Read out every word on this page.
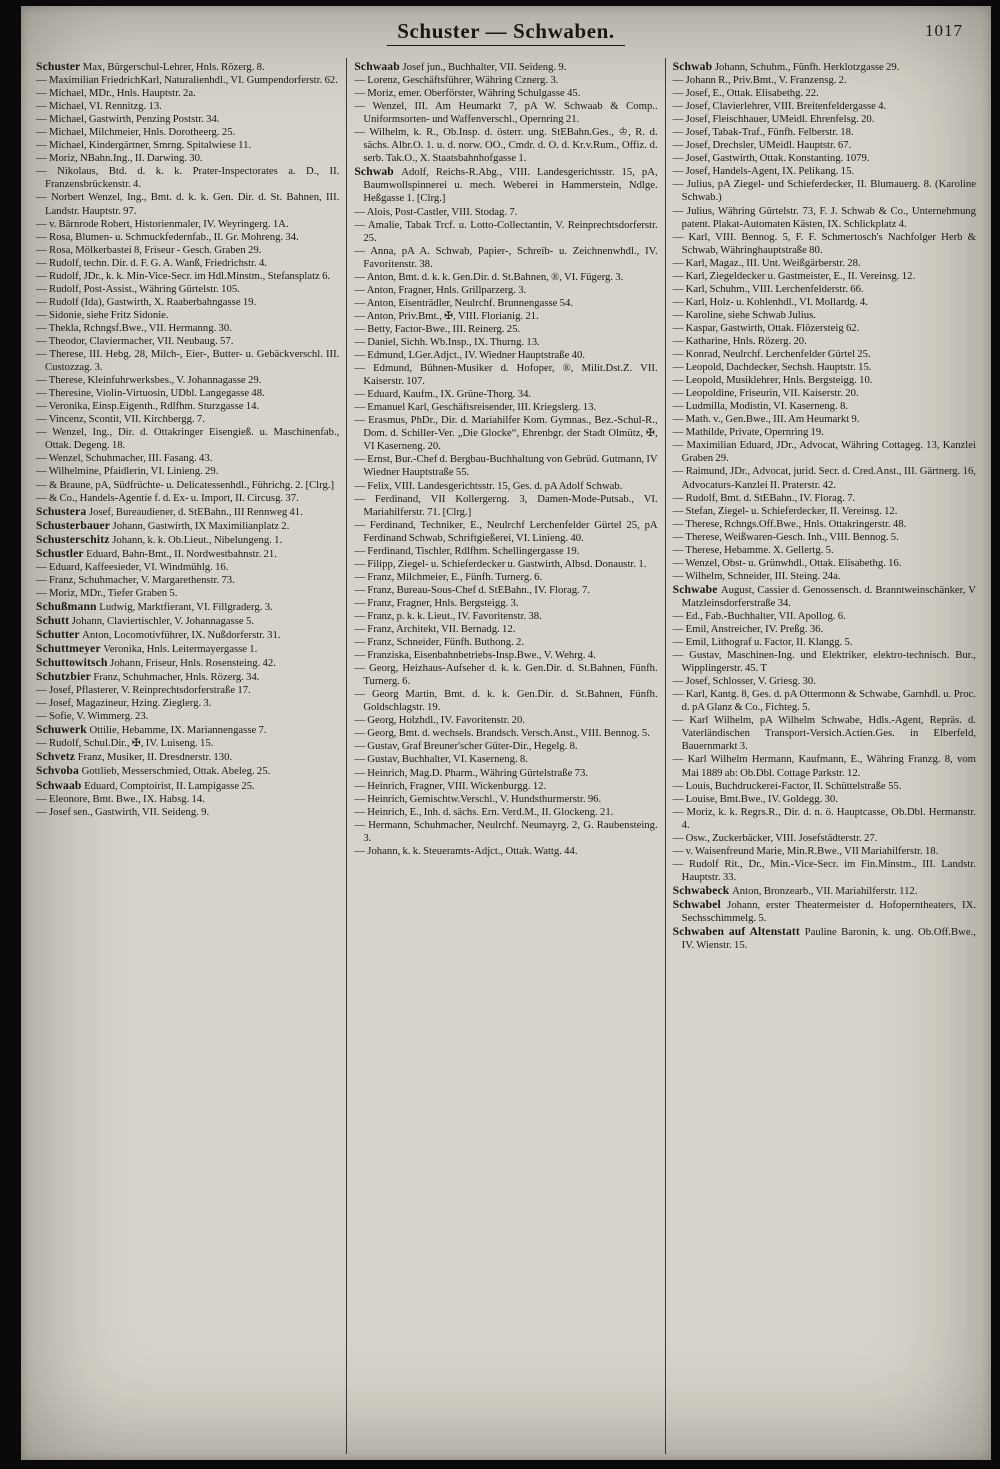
Schuster — Schwaben.	1017
Schuster Max, Bürgerschul-Lehrer, Hnls. Rözerg. 8.
— Maximilian FriedrichKarl, Naturalienhdl., VI. Gumpendorferstr. 62.
— Michael, MDr., Hnls. Hauptstr. 2a.
— Michael, VI. Rennitzg. 13.
— Michael, Gastwirth, Penzing Poststr. 34.
— Michael, Milchmeier, Hnls. Dorotheerg. 25.
— Michael, Kindergärtner, Smrng. Spitalwiese 11.
— Moriz, NBahn.Ing., II. Darwing. 30.
— Nikolaus, Btd. d. k. k. Prater-Inspectorates a. D., II. Franzensbrückenstr. 4.
— Norbert Wenzel, Ing., Bmt. d. k. k. Gen. Dir. d. St. Bahnen, III. Landstr. Hauptstr. 97.
— v. Bärnrode Robert, Historienmaler, IV. Weyringerg. 1A.
— Rosa, Blumen- u. Schmuckfedernfab., II. Gr. Mohreng. 34.
— Rosa, Mölkerbastei 8, Friseur - Gesch. Graben 29.
— Rudolf, techn. Dir. d. F. G. A. Wanß, Friedrichstr. 4.
— Rudolf, JDr., k. k. Min-Vice-Secr. im Hdl.Minstm., Stefansplatz 6.
— Rudolf, Post-Assist., Währing Gürtelstr. 105.
— Rudolf (Ida), Gastwirth, X. Raaberbahngasse 19.
— Sidonie, siehe Fritz Sidonie.
— Thekla, Rchngsf.Bwe., VII. Hermanng. 30.
— Theodor, Claviermacher, VII. Neubaug. 57.
— Therese, III. Hebg. 28, Milch-, Eier-, Butter- u. Gebäckverschl. III. Custozzag. 3.
— Therese, Kleinfuhrwerksbes., V. Johannagasse 29.
— Theresine, Violin-Virtuosin, UDbl. Langegasse 48.
— Veronika, Einsp.Eigenth., Rdlfhm. Sturzgasse 14.
— Vincenz, Scontit, VII. Kirchbergg. 7.
— Wenzel, Ing., Dir. d. Ottakringer Eisengieß. u. Maschinenfab., Ottak. Degeng. 18.
— Wenzel, Schuhmacher, III. Fasang. 43.
— Wilhelmine, Pfaidlerin, VI. Linieng. 29.
— & Braune, pA, Südfrüchte- u. Delicatessenhdl., Führichg. 2. [Clrg.]
— & Co., Handels-Agentie f. d. Ex- u. Import, II. Circusg. 37.
Schustera Josef, Bureaudiener, d. StEBahn., III Rennweg 41.
Schusterbauer Johann, Gastwirth, IX Maximilianplatz 2.
Schusterschitz Johann, k. k. Ob.Lieut., Nibelungeng. 1.
Schustler Eduard, Bahn-Bmt., II. Nordwestbahnstr. 21.
— Eduard, Kaffeesieder, VI. Windmühlg. 16.
— Franz, Schuhmacher, V. Margarethenstr. 73.
— Moriz, MDr., Tiefer Graben 5.
Schußmann Ludwig, Marktfierant, VI. Fillgraderg. 3.
Schutt Johann, Claviertischler, V. Johannagasse 5.
Schutter Anton, Locomotivführer, IX. Nußdorferstr. 31.
Schuttmeyer Veronika, Hnls. Leitermayergasse 1.
Schuttowitsch Johann, Friseur, Hnls. Rosensteing. 42.
Schutzbier Franz, Schuhmacher, Hnls. Rözerg. 34.
— Josef, Pflasterer, V. Reinprechtsdorferstraße 17.
— Josef, Magazineur, Hzing. Zieglerg. 3.
— Sofie, V. Wimmerg. 23.
Schuwerk Ottilie, Hebamme, IX. Mariannengasse 7.
— Rudolf, Schul.Dir., ✠, IV. Luiseng. 15.
Schvetz Franz, Musiker, II. Dresdnerstr. 130.
Schvoba Gottlieb, Messerschmied, Ottak. Abeleg. 25.
Schwaab Eduard, Comptoirist, II. Lampigasse 25.
— Eleonore, Bmt. Bwe., IX. Habsg. 14.
— Josef sen., Gastwirth, VII. Seideng. 9.
Schwaab Josef jun., Buchhalter, VII. Seideng. 9.
— Lorenz, Geschäftsführer, Währing Cznerg. 3.
— Moriz, emer. Oberförster, Währing Schulgasse 45.
— Wenzel, III. Am Heumarkt 7, pA W. Schwaab & Comp.. Uniformsorten- und Waffenverschl., Opernring 21.
— Wilhelm, k. R., Ob.Insp. d. österr. ung. StEBahn.Ges., ♔, R. d. sächs. Albr.O. 1. u. d. norw. OO., Cmdr. d. O. d. Kr.v.Rum., Offiz. d. serb. Tak.O., X. Staatsbahnhofgasse 1.
Schwab Adolf, Reichs-R.Abg., VIII. Landesgerichtsstr. 15, pA, Baumwollspinnerei u. mech. Weberei in Hammerstein, Ndlge. Heßgasse 1. [Clrg.]
— Alois, Post-Castler, VIII. Stodag. 7.
— Amalie, Tabak Trcf. u. Lotto-Collectantin, V. Reinprechtsdorferstr. 25.
— Anna, pA A. Schwab, Papier-, Schreib- u. Zeichnenwhdl., IV. Favoritenstr. 38.
— Anton, Bmt. d. k. k. Gen.Dir. d. St.Bahnen, ®, VI. Fügerg. 3.
— Anton, Fragner, Hnls. Grillparzerg. 3.
— Anton, Eisenträdler, Neulrchf. Brunnengasse 54.
— Anton, Priv.Bmt., ✠, VIII. Florianig. 21.
— Betty, Factor-Bwe., III. Reinerg. 25.
— Daniel, Sichh. Wb.Insp., IX. Thurng. 13.
— Edmund, LGer.Adjct., IV. Wiedner Hauptstraße 40.
— Edmund, Bühnen-Musiker d. Hofoper, ®, Milit.Dst.Z. VII. Kaiserstr. 107.
— Eduard, Kaufm., IX. Grüne-Thorg. 34.
— Emanuel Karl, Geschäftsreisender, III. Kriegslerg. 13.
— Erasmus, PhDr., Dir. d. Mariahilfer Kom. Gymnas., Bez.-Schul-R., Dom. d. Schiller-Ver. „Die Glocke“, Ehrenbgr. der Stadt Olmütz, ✠, VI Kaserneng. 20.
— Ernst, Bur.-Chef d. Bergbau-Buchhaltung von Gebrüd. Gutmann, IV Wiedner Hauptstraße 55.
— Felix, VIII. Landesgerichtsstr. 15, Ges. d. pA Adolf Schwab.
— Ferdinand, VII Kollergerng. 3, Damen-Mode-Putsab., VI. Mariahilferstr. 71. [Clrg.]
— Ferdinand, Techniker, E., Neulrchf Lerchenfelder Gürtel 25, pA Ferdinand Schwab, Schriftgießerei, VI. Linieng. 40.
— Ferdinand, Tischler, Rdlfhm. Schellingergasse 19.
— Filipp, Ziegel- u. Schieferdecker u. Gastwirth, Albsd. Donaustr. 1.
— Franz, Milchmeier, E., Fünfh. Turnerg. 6.
— Franz, Bureau-Sous-Chef d. StEBahn., IV. Florag. 7.
— Franz, Fragner, Hnls. Bergsteigg. 3.
— Franz, p. k. k. Lieut., IV. Favoritenstr. 38.
— Franz, Architekt, VII. Bernadg. 12.
— Franz, Schneider, Fünfh. Buthong. 2.
— Franziska, Eisenbahnbetriebs-Insp.Bwe., V. Wehrg. 4.
— Georg, Heizhaus-Aufseher d. k. k. Gen.Dir. d. St.Bahnen, Fünfh. Turnerg. 6.
— Georg Martin, Bmt. d. k. k. Gen.Dir. d. St.Bahnen, Fünfh. Goldschlagstr. 19.
— Georg, Holzhdl., IV. Favoritenstr. 20.
— Georg, Bmt. d. wechsels. Brandsch. Versch.Anst., VIII. Bennog. 5.
— Gustav, Graf Breuner'scher Güter-Dir., Hegelg. 8.
— Gustav, Buchhalter, VI. Kaserneng. 8.
— Heinrich, Mag.D. Pharm., Währing Gürtelstraße 73.
— Heinrich, Fragner, VIII. Wickenburgg. 12.
— Heinrich, Gemischtw.Verschl., V. Hundsthurmerstr. 96.
— Heinrich, E., Inh. d. sächs. Ern. Verd.M., II. Glockeng. 21.
— Hermann, Schuhmacher, Neulrchf. Neumayrg. 2, G. Raubensteing. 3.
— Johann, k. k. Steueramts-Adjct., Ottak. Wattg. 44.
Schwab Johann, Schuhm., Fünfh. Herklotzgasse 29.
— Johann R., Priv.Bmt., V. Franzensg. 2.
— Josef, E., Ottak. Elisabethg. 22.
— Josef, Clavierlehrer, VIII. Breitenfeldergasse 4.
— Josef, Fleischhauer, UMeidl. Ehrenfelsg. 20.
— Josef, Tabak-Traf., Fünfh. Felberstr. 18.
— Josef, Drechsler, UMeidl. Hauptstr. 67.
— Josef, Gastwirth, Ottak. Konstanting. 1079.
— Josef, Handels-Agent, IX. Pelikang. 15.
— Julius, pA Ziegel- und Schieferdecker, II. Blumauerg. 8. (Karoline Schwab.)
— Julius, Währing Gürtelstr. 73, F. J. Schwab & Co., Unternehmung patent. Plakat-Automaten Kästen, IX. Schlickplatz 4.
— Karl, VIII. Bennog. 5, F. F. Schmertosch's Nachfolger Herb & Schwab, Währinghauptstraße 80.
— Karl, Magaz., III. Unt. Weißgärberstr. 28.
— Karl, Ziegeldecker u. Gastmeister, E., II. Vereinsg. 12.
— Karl, Schuhm., VIII. Lerchenfelderstr. 66.
— Karl, Holz- u. Kohlenhdl., VI. Mollardg. 4.
— Karoline, siehe Schwab Julius.
— Kaspar, Gastwirth, Ottak. Flözersteig 62.
— Katharine, Hnls. Rözerg. 20.
— Konrad, Neulrchf. Lerchenfelder Gürtel 25.
— Leopold, Dachdecker, Sechsh. Hauptstr. 15.
— Leopold, Musiklehrer, Hnls. Bergsteigg. 10.
— Leopoldine, Friseurin, VII. Kaiserstr. 20.
— Ludmilla, Modistin, VI. Kaserneng. 8.
— Math. v., Gen.Bwe., III. Am Heumarkt 9.
— Mathilde, Private, Opernring 19.
— Maximilian Eduard, JDr., Advocat, Währing Cottageg. 13, Kanzlei Graben 29.
— Raimund, JDr., Advocat, jurid. Secr. d. Cred.Anst., III. Gärtnerg. 16, Advocaturs-Kanzlei II. Praterstr. 42.
— Rudolf, Bmt. d. StEBahn., IV. Florag. 7.
— Stefan, Ziegel- u. Schieferdecker, II. Vereinsg. 12.
— Therese, Rchngs.Off.Bwe., Hnls. Ottakringerstr. 48.
— Therese, Weißwaren-Gesch. Inh., VIII. Bennog. 5.
— Therese, Hebamme. X. Gellertg. 5.
— Wenzel, Obst- u. Grünwhdl., Ottak. Elisabethg. 16.
— Wilhelm, Schneider, III. Steing. 24a.
Schwabe August, Cassier d. Genossensch. d. Branntweinschänker, V Matzleinsdorferstraße 34.
— Ed., Fab.-Buchhalter, VII. Apollog. 6.
— Emil, Anstreicher, IV. Preßg. 36.
— Emil, Lithograf u. Factor, II. Klangg. 5.
— Gustav, Maschinen-Ing. und Elektriker, elektro-technisch. Bur., Wipplingerstr. 45. T
— Josef, Schlosser, V. Griesg. 30.
— Karl, Kantg. 8, Ges. d. pA Ottermonn & Schwabe, Garnhdl. u. Proc. d. pA Glanz & Co., Fichteg. 5.
— Karl Wilhelm, pA Wilhelm Schwabe, Hdls.-Agent, Repräs. d. Vaterländischen Transport-Versich.Actien.Ges. in Elberfeld, Bauernmarkt 3.
— Karl Wilhelm Hermann, Kaufmann, E., Währing Franzg. 8, vom Mai 1889 ab: Ob.Dbl. Cottage Parkstr. 12.
— Louis, Buchdruckerei-Factor, II. Schüttelstraße 55.
— Louise, Bmt.Bwe., IV. Goldegg. 30.
— Moriz, k. k. Regrs.R., Dir. d. n. ö. Hauptcasse, Ob.Dbl. Hermanstr. 4.
— Osw., Zuckerbäcker, VIII. Josefstädterstr. 27.
— v. Waisenfreund Marie, Min.R.Bwe., VII Mariahilferstr. 18.
— Rudolf Rit., Dr., Min.-Vice-Secr. im Fin.Minstm., III. Landstr. Hauptstr. 33.
Schwabeck Anton, Bronzearb., VII. Mariahilferstr. 112.
Schwabel Johann, erster Theatermeister d. Hofoperntheaters, IX. Sechsschimmelg. 5.
Schwaben auf Altenstatt Pauline Baronin, k. ung. Ob.Off.Bwe., IV. Wienstr. 15.
